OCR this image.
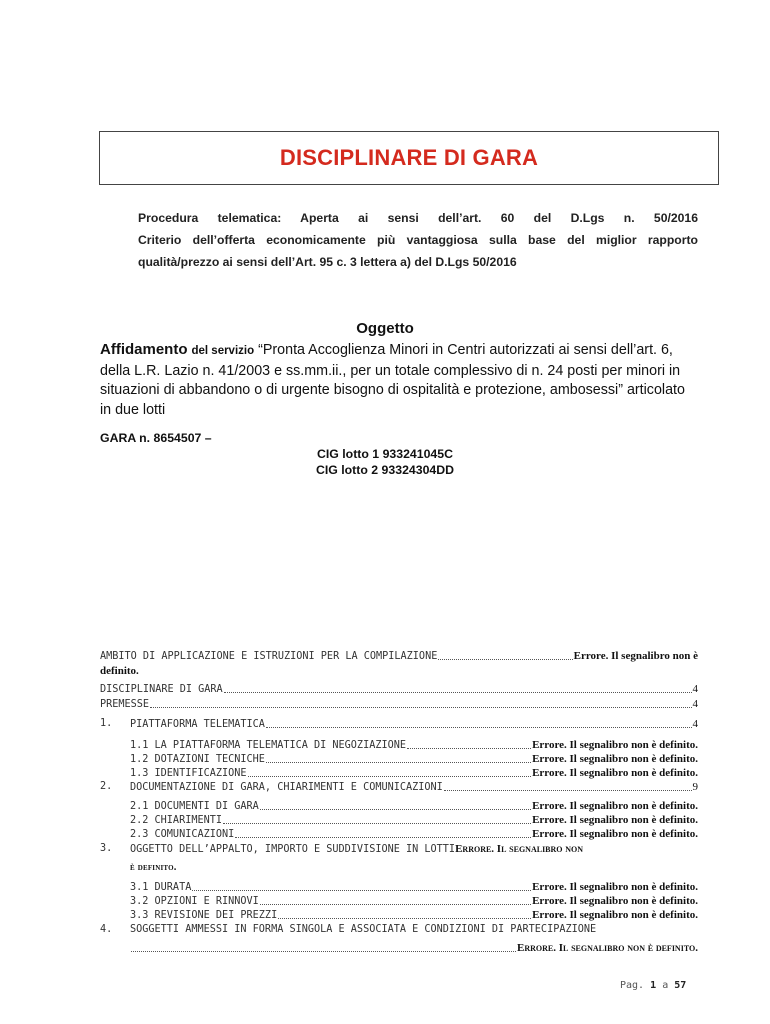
DISCIPLINARE DI GARA
Procedura telematica: Aperta ai sensi dell’art. 60 del D.Lgs n. 50/2016
Criterio dell’offerta economicamente più vantaggiosa sulla base del miglior rapporto
qualità/prezzo ai sensi dell’Art. 95 c. 3 lettera a) del D.Lgs 50/2016
Oggetto
Affidamento del servizio “Pronta Accoglienza Minori in Centri autorizzati ai sensi dell’art. 6, della L.R. Lazio n. 41/2003 e ss.mm.ii., per un totale complessivo di n. 24 posti per minori in situazioni di abbandono o di urgente bisogno di ospitalità e protezione, ambosessi” articolato in due lotti
GARA n. 8654507 –
CIG lotto 1 933241045C
CIG lotto 2 93324304DD
AMBITO DI APPLICAZIONE E ISTRUZIONI PER LA COMPILAZIONE	Errore. Il segnalibro non è
definito.
DISCIPLINARE DI GARA	4
PREMESSE	4
1. PIATTAFORMA TELEMATICA	4
1.1 LA PIATTAFORMA TELEMATICA DI NEGOZIAZIONE	Errore. Il segnalibro non è definito.
1.2 DOTAZIONI TECNICHE	Errore. Il segnalibro non è definito.
1.3 IDENTIFICAZIONE	Errore. Il segnalibro non è definito.
2. DOCUMENTAZIONE DI GARA, CHIARIMENTI E COMUNICAZIONI	9
2.1 DOCUMENTI DI GARA	Errore. Il segnalibro non è definito.
2.2 CHIARIMENTI	Errore. Il segnalibro non è definito.
2.3 COMUNICAZIONI	Errore. Il segnalibro non è definito.
3. OGGETTO DELL’APPALTO, IMPORTO E SUDDIVISIONE IN LOTTI Errore. Il segnalibro non
è definito.
3.1 DURATA	Errore. Il segnalibro non è definito.
3.2 OPZIONI E RINNOVI	Errore. Il segnalibro non è definito.
3.3 REVISIONE DEI PREZZI	Errore. Il segnalibro non è definito.
4. SOGGETTI AMMESSI IN FORMA SINGOLA E ASSOCIATA E CONDIZIONI DI PARTECIPAZIONE
Errore. Il segnalibro non è definito.
Pag. 1 a 57
